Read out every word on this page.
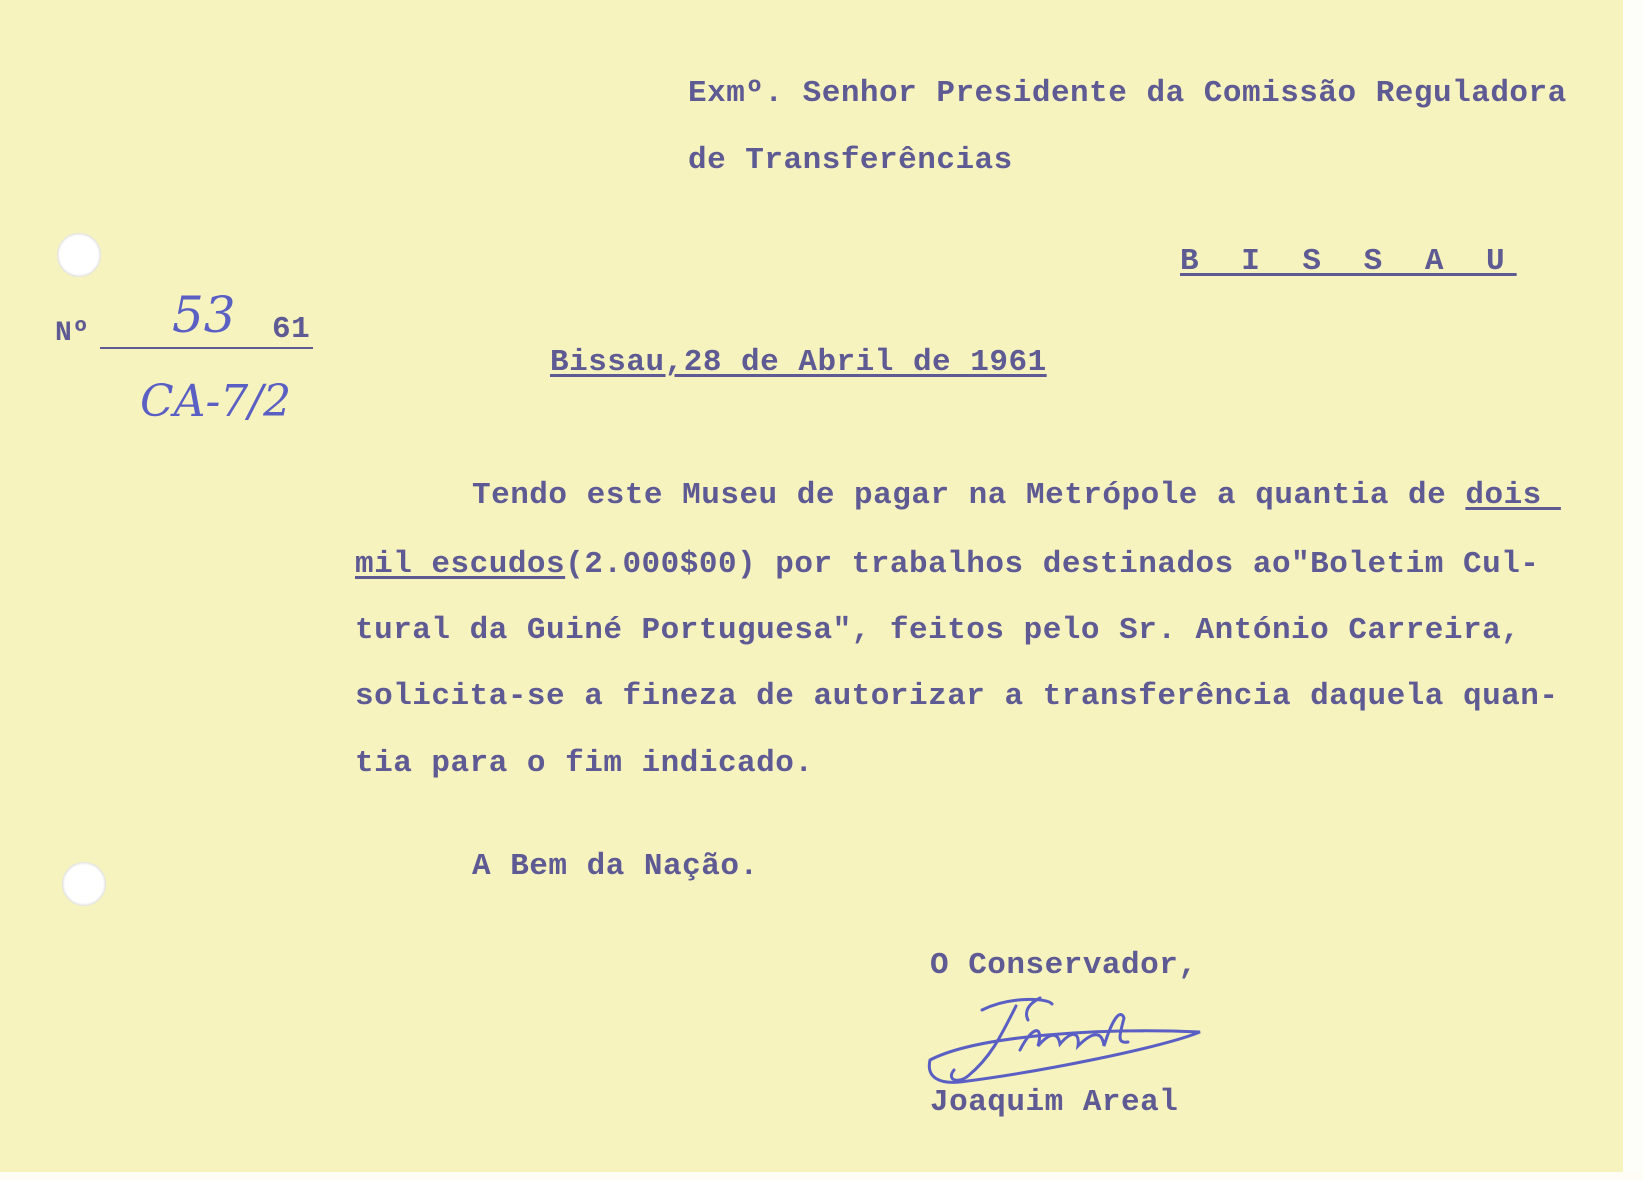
Exmº. Senhor Presidente da Comissão Reguladora
de Transferências
B I S S A U
Nº 53 61
CA-7/2
Bissau,28 de Abril de 1961
Tendo este Museu de pagar na Metrópole a quantia de dois
mil escudos(2.000$00) por trabalhos destinados ao"Boletim Cul-
tural da Guiné Portuguesa", feitos pelo Sr. António Carreira,
solicita-se a fineza de autorizar a transferência daquela quan-
tia para o fim indicado.
A Bem da Nação.
O Conservador,
Joaquim Areal
